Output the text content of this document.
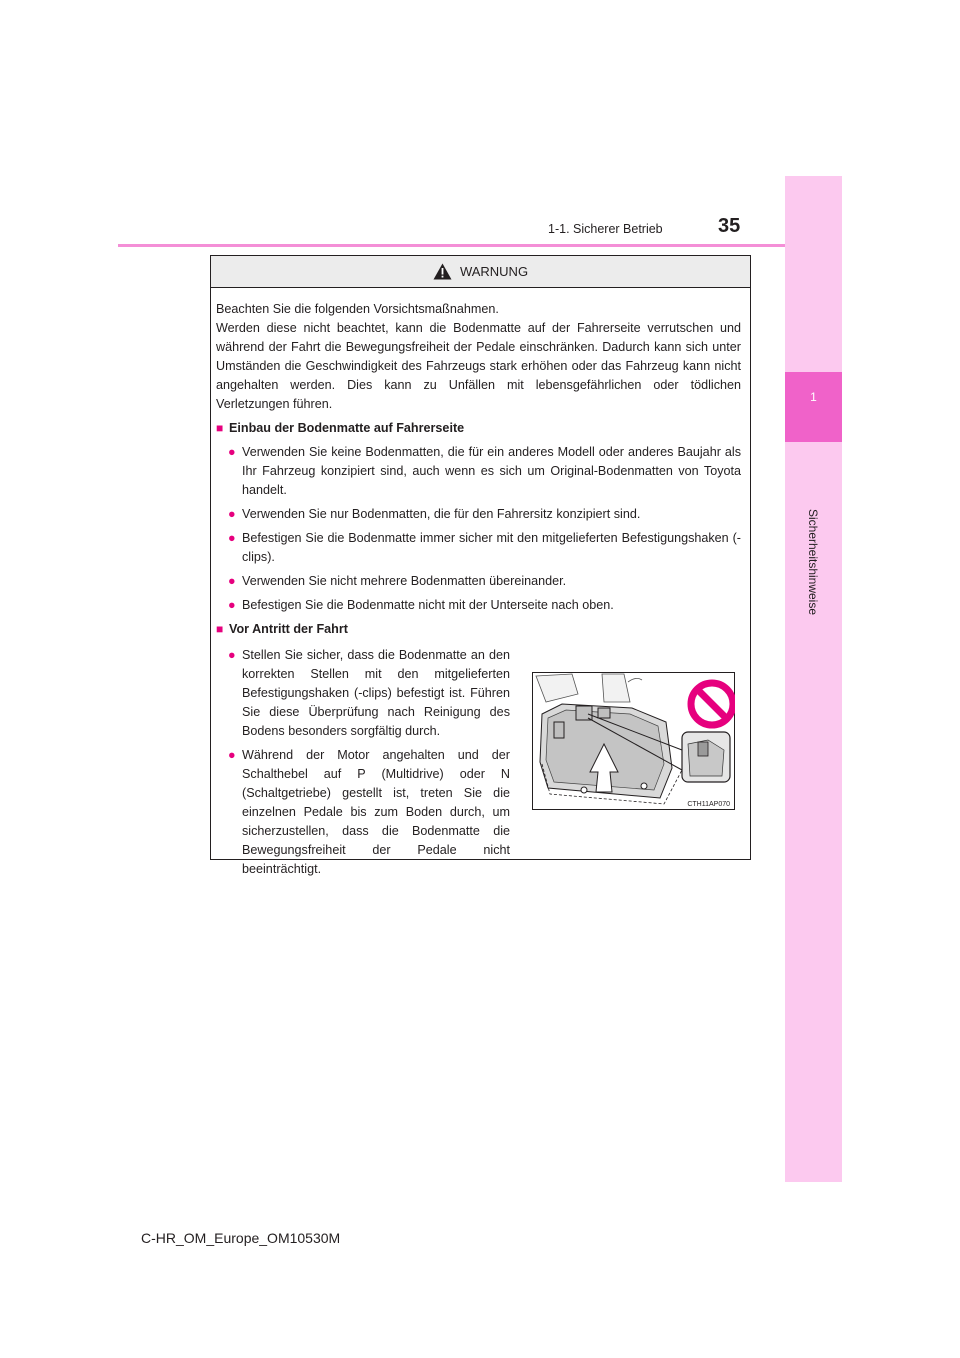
1
Sicherheitshinweise
1-1. Sicherer Betrieb	35
WARNUNG

Beachten Sie die folgenden Vorsichtsmaßnahmen.
Werden diese nicht beachtet, kann die Bodenmatte auf der Fahrerseite verrutschen und während der Fahrt die Bewegungsfreiheit der Pedale einschränken. Dadurch kann sich unter Umständen die Geschwindigkeit des Fahrzeugs stark erhöhen oder das Fahrzeug kann nicht angehalten werden. Dies kann zu Unfällen mit lebensgefährlichen oder tödlichen Verletzungen führen.

■ Einbau der Bodenmatte auf Fahrerseite
● Verwenden Sie keine Bodenmatten, die für ein anderes Modell oder anderes Baujahr als Ihr Fahrzeug konzipiert sind, auch wenn es sich um Original-Bodenmatten von Toyota handelt.
● Verwenden Sie nur Bodenmatten, die für den Fahrersitz konzipiert sind.
● Befestigen Sie die Bodenmatte immer sicher mit den mitgelieferten Befestigungshaken (-clips).
● Verwenden Sie nicht mehrere Bodenmatten übereinander.
● Befestigen Sie die Bodenmatte nicht mit der Unterseite nach oben.
■ Vor Antritt der Fahrt
● Stellen Sie sicher, dass die Bodenmatte an den korrekten Stellen mit den mitgelieferten Befestigungshaken (-clips) befestigt ist. Führen Sie diese Überprüfung nach Reinigung des Bodens besonders sorgfältig durch.
● Während der Motor angehalten und der Schalthebel auf P (Multidrive) oder N (Schaltgetriebe) gestellt ist, treten Sie die einzelnen Pedale bis zum Boden durch, um sicherzustellen, dass die Bodenmatte die Bewegungsfreiheit der Pedale nicht beeinträchtigt.
CTH11AP070
C-HR_OM_Europe_OM10530M
